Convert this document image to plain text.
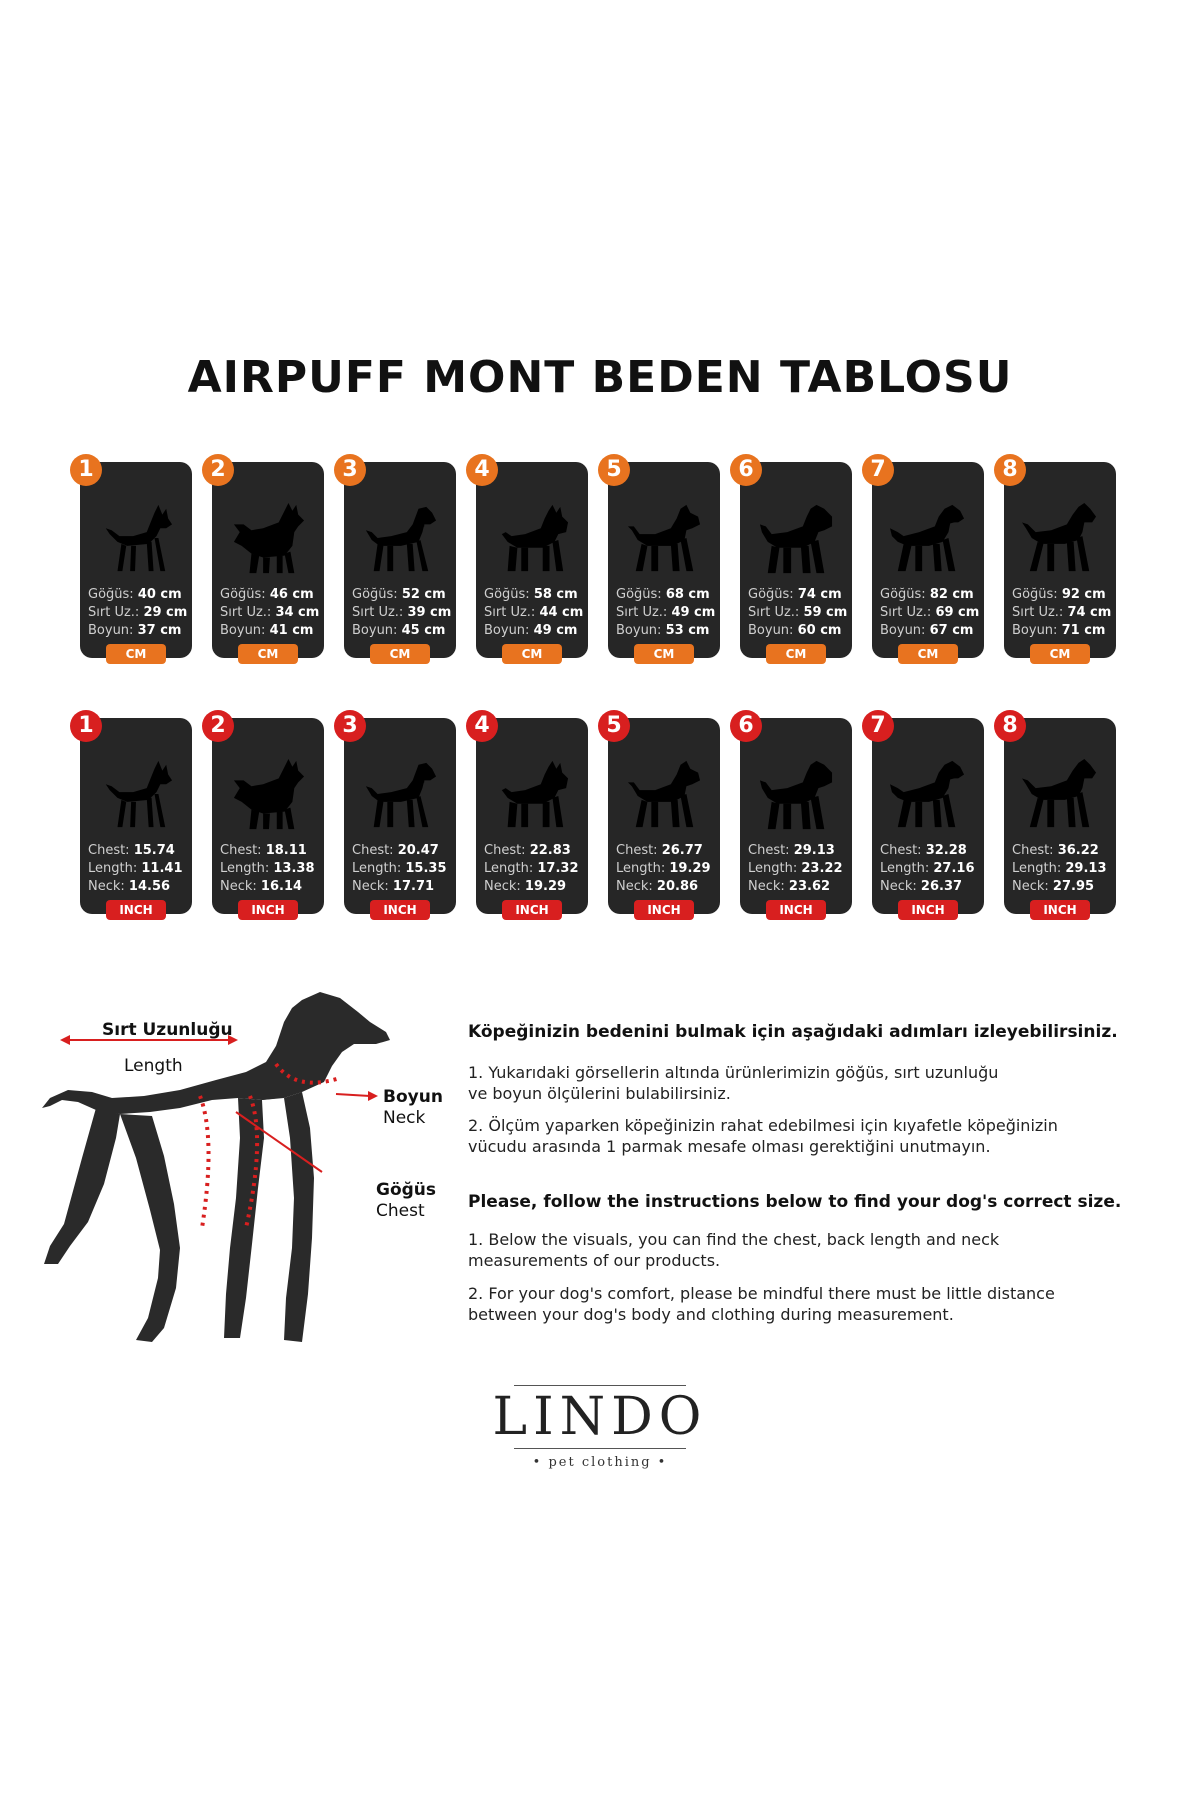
AIRPUFF MONT BEDEN TABLOSU
1
Göğüs: 40 cm
Sırt Uz.: 29 cm
Boyun: 37 cm
CM
2
Göğüs: 46 cm
Sırt Uz.: 34 cm
Boyun: 41 cm
CM
3
Göğüs: 52 cm
Sırt Uz.: 39 cm
Boyun: 45 cm
CM
4
Göğüs: 58 cm
Sırt Uz.: 44 cm
Boyun: 49 cm
CM
5
Göğüs: 68 cm
Sırt Uz.: 49 cm
Boyun: 53 cm
CM
6
Göğüs: 74 cm
Sırt Uz.: 59 cm
Boyun: 60 cm
CM
7
Göğüs: 82 cm
Sırt Uz.: 69 cm
Boyun: 67 cm
CM
8
Göğüs: 92 cm
Sırt Uz.: 74 cm
Boyun: 71 cm
CM
1
Chest: 15.74
Length: 11.41
Neck: 14.56
INCH
2
Chest: 18.11
Length: 13.38
Neck: 16.14
INCH
3
Chest: 20.47
Length: 15.35
Neck: 17.71
INCH
4
Chest: 22.83
Length: 17.32
Neck: 19.29
INCH
5
Chest: 26.77
Length: 19.29
Neck: 20.86
INCH
6
Chest: 29.13
Length: 23.22
Neck: 23.62
INCH
7
Chest: 32.28
Length: 27.16
Neck: 26.37
INCH
8
Chest: 36.22
Length: 29.13
Neck: 27.95
INCH
Sırt Uzunluğu
Length
Boyun
Neck
Göğüs
Chest
Köpeğinizin bedenini bulmak için aşağıdaki adımları izleyebilirsiniz.
1. Yukarıdaki görsellerin altında ürünlerimizin göğüs, sırt uzunluğu
ve boyun ölçülerini bulabilirsiniz.
2. Ölçüm yaparken köpeğinizin rahat edebilmesi için kıyafetle köpeğinizin
vücudu arasında 1 parmak mesafe olması gerektiğini unutmayın.
Please, follow the instructions below to find your dog's correct size.
1. Below the visuals, you can find the chest, back length and neck
measurements of our products.
2. For your dog's comfort, please be mindful there must be little distance
between your dog's body and clothing during measurement.
LINDO
• pet clothing •
